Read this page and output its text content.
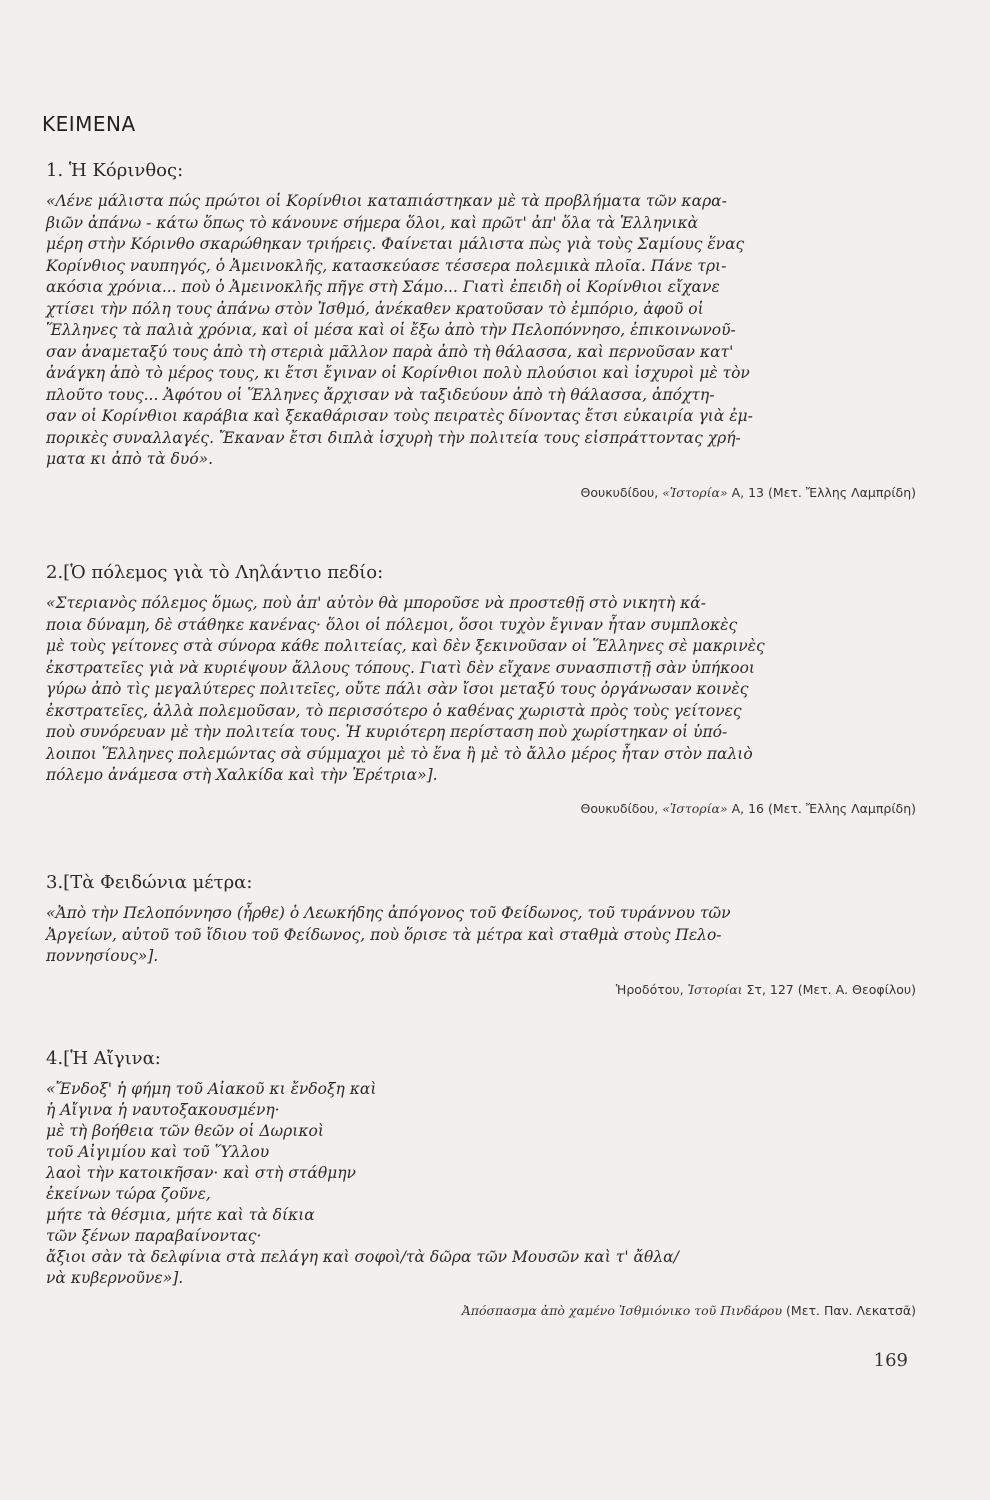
ΚΕΙΜΕΝΑ
1. Ἡ Κόρινθος:
«Λένε μάλιστα πώς πρώτοι οἱ Κορίνθιοι καταπιάστηκαν μὲ τὰ προβλήματα τῶν καρα-
βιῶν ἀπάνω - κάτω ὅπως τὸ κάνουνε σήμερα ὅλοι, καὶ πρῶτ' ἀπ' ὅλα τὰ Ἑλληνικὰ
μέρη στὴν Κόρινθο σκαρώθηκαν τριήρεις. Φαίνεται μάλιστα πὼς γιὰ τοὺς Σαμίους ἕνας
Κορίνθιος ναυπηγός, ὁ Ἀμεινοκλῆς, κατασκεύασε τέσσερα πολεμικὰ πλοῖα. Πάνε τρι-
ακόσια χρόνια... ποὺ ὁ Ἀμεινοκλῆς πῆγε στὴ Σάμο... Γιατὶ ἐπειδὴ οἱ Κορίνθιοι εἴχανε
χτίσει τὴν πόλη τους ἀπάνω στὸν Ἰσθμό, ἀνέκαθεν κρατοῦσαν τὸ ἐμπόριο, ἀφοῦ οἱ
Ἕλληνες τὰ παλιὰ χρόνια, καὶ οἱ μέσα καὶ οἱ ἔξω ἀπὸ τὴν Πελοπόννησο, ἐπικοινωνοῦ-
σαν ἀναμεταξύ τους ἀπὸ τὴ στεριὰ μᾶλλον παρὰ ἀπὸ τὴ θάλασσα, καὶ περνοῦσαν κατ'
ἀνάγκη ἀπὸ τὸ μέρος τους, κι ἔτσι ἔγιναν οἱ Κορίνθιοι πολὺ πλούσιοι καὶ ἰσχυροὶ μὲ τὸν
πλοῦτο τους... Ἀφότου οἱ Ἕλληνες ἄρχισαν νὰ ταξιδεύουν ἀπὸ τὴ θάλασσα, ἀπόχτη-
σαν οἱ Κορίνθιοι καράβια καὶ ξεκαθάρισαν τοὺς πειρατὲς δίνοντας ἔτσι εὐκαιρία γιὰ ἐμ-
πορικὲς συναλλαγές. Ἔκαναν ἔτσι διπλὰ ἰσχυρὴ τὴν πολιτεία τους εἰσπράττοντας χρή-
ματα κι ἀπὸ τὰ δυό».
Θουκυδίδου, «Ἱστορία» Α, 13 (Μετ. Ἔλλης Λαμπρίδη)
2.[Ὁ πόλεμος γιὰ τὸ Ληλάντιο πεδίο:
«Στεριανὸς πόλεμος ὅμως, ποὺ ἀπ' αὐτὸν θὰ μποροῦσε νὰ προστεθῇ στὸ νικητὴ κά-
ποια δύναμη, δὲ στάθηκε κανένας· ὅλοι οἱ πόλεμοι, ὅσοι τυχὸν ἔγιναν ἦταν συμπλοκὲς
μὲ τοὺς γείτονες στὰ σύνορα κάθε πολιτείας, καὶ δὲν ξεκινοῦσαν οἱ Ἕλληνες σὲ μακρινὲς
ἐκστρατεῖες γιὰ νὰ κυριέψουν ἄλλους τόπους. Γιατὶ δὲν εἴχανε συνασπιστῇ σὰν ὑπήκοοι
γύρω ἀπὸ τὶς μεγαλύτερες πολιτεῖες, οὔτε πάλι σὰν ἴσοι μεταξύ τους ὀργάνωσαν κοινὲς
ἐκστρατεῖες, ἀλλὰ πολεμοῦσαν, τὸ περισσότερο ὁ καθένας χωριστὰ πρὸς τοὺς γείτονες
ποὺ συνόρευαν μὲ τὴν πολιτεία τους. Ἡ κυριότερη περίσταση ποὺ χωρίστηκαν οἱ ὑπό-
λοιποι Ἕλληνες πολεμώντας σὰ σύμμαχοι μὲ τὸ ἕνα ἢ μὲ τὸ ἄλλο μέρος ἦταν στὸν παλιὸ
πόλεμο ἀνάμεσα στὴ Χαλκίδα καὶ τὴν Ἐρέτρια»].
Θουκυδίδου, «Ἱστορία» Α, 16 (Μετ. Ἔλλης Λαμπρίδη)
3.[Τὰ Φειδώνια μέτρα:
«Ἀπὸ τὴν Πελοπόννησο (ἦρθε) ὁ Λεωκήδης ἀπόγονος τοῦ Φείδωνος, τοῦ τυράννου τῶν
Ἀργείων, αὐτοῦ τοῦ ἴδιου τοῦ Φείδωνος, ποὺ ὅρισε τὰ μέτρα καὶ σταθμὰ στοὺς Πελο-
ποννησίους»].
Ἡροδότου, Ἱστορίαι Στ, 127 (Μετ. Α. Θεοφίλου)
4.[Ἡ Αἴγινα:
«Ἔνδοξ' ἡ φήμη τοῦ Αἰακοῦ κι ἔνδοξη καὶ
ἡ Αἴγινα ἡ ναυτοξακουσμένη·
μὲ τὴ βοήθεια τῶν θεῶν οἱ Δωρικοὶ
τοῦ Αἰγιμίου καὶ τοῦ Ὕλλου
λαοὶ τὴν κατοικῆσαν· καὶ στὴ στάθμην
ἐκείνων τώρα ζοῦνε,
μήτε τὰ θέσμια, μήτε καὶ τὰ δίκια
τῶν ξένων παραβαίνοντας·
ἄξιοι σὰν τὰ δελφίνια στὰ πελάγη καὶ σοφοὶ/τὰ δῶρα τῶν Μουσῶν καὶ τ' ἄθλα/
νὰ κυβερνοῦνε»].
Ἀπόσπασμα ἀπὸ χαμένο Ἰσθμιόνικο τοῦ Πινδάρου (Μετ. Παν. Λεκατσᾶ)
169
